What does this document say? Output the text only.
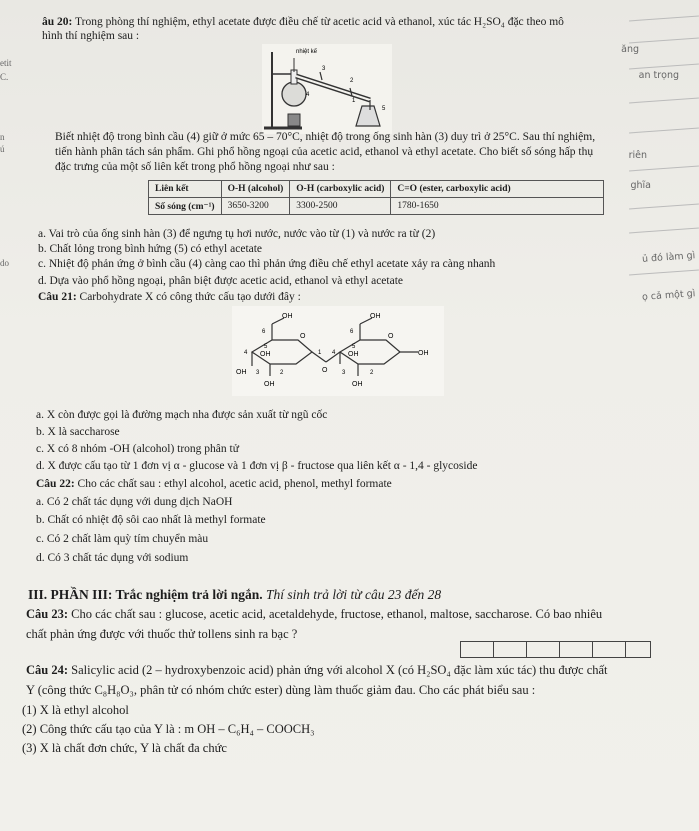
etit
C.
n
ú
do
ăng
an trọng
riên
ghĩa
ủ đó làm gì
ọ cả một gì
âu 20: Trong phòng thí nghiệm, ethyl acetate được điều chế từ acetic acid và ethanol, xúc tác H₂SO₄ đặc theo mô
hình thí nghiệm sau :
nhiệt kế
3
2
1
4
5
Biết nhiệt độ trong bình cầu (4) giữ ở mức 65 – 70°C, nhiệt độ trong ống sinh hàn (3) duy trì ở 25°C. Sau thí nghiệm,
tiến hành phân tách sản phẩm. Ghi phổ hồng ngoại của acetic acid, ethanol và ethyl acetate. Cho biết số sóng hấp thụ
đặc trưng của một số liên kết trong phổ hồng ngoại như sau :
Liên kết	O-H (alcohol)	O-H (carboxylic acid)	C=O (ester, carboxylic acid)
Số sóng (cm⁻¹)	3650-3200	3300-2500	1780-1650
a. Vai trò của ống sinh hàn (3) để ngưng tụ hơi nước, nước vào từ (1) và nước ra từ (2)
b. Chất lỏng trong bình hứng (5) có ethyl acetate
c. Nhiệt độ phản ứng ở bình cầu (4) càng cao thì phản ứng điều chế ethyl acetate xảy ra càng nhanh
d. Dựa vào phổ hồng ngoại, phân biệt được acetic acid, ethanol và ethyl acetate
Câu 21: Carbohydrate X có công thức cấu tạo dưới đây :
OH	OH
6	6
O	O
5	5
4	4
OH	OH
1
O
OH
OH 3	3
2	2
OH	OH
a. X còn được gọi là đường mạch nha được sản xuất từ ngũ cốc
b. X là saccharose
c. X có 8 nhóm -OH (alcohol) trong phân tử
d. X được cấu tạo từ 1 đơn vị α - glucose và 1 đơn vị β - fructose qua liên kết α - 1,4 - glycoside
Câu 22: Cho các chất sau : ethyl alcohol, acetic acid, phenol, methyl formate
a. Có 2 chất tác dụng với dung dịch NaOH
b. Chất có nhiệt độ sôi cao nhất là methyl formate
c. Có 2 chất làm quỳ tím chuyển màu
d. Có 3 chất tác dụng với sodium
III. PHẦN III: Trắc nghiệm trả lời ngắn. Thí sinh trả lời từ câu 23 đến 28
Câu 23: Cho các chất sau : glucose, acetic acid, acetaldehyde, fructose, ethanol, maltose, saccharose. Có bao nhiêu
chất phản ứng được với thuốc thử tollens sinh ra bạc ?
Câu 24: Salicylic acid (2 – hydroxybenzoic acid) phản ứng với alcohol X (có H₂SO₄ đặc làm xúc tác) thu được chất
Y (công thức C₈H₈O₃, phân tử có nhóm chức ester) dùng làm thuốc giảm đau. Cho các phát biểu sau :
(1) X là ethyl alcohol
(2) Công thức cấu tạo của Y là : m OH – C₆H₄ – COOCH₃
(3) X là chất đơn chức, Y là chất đa chức
